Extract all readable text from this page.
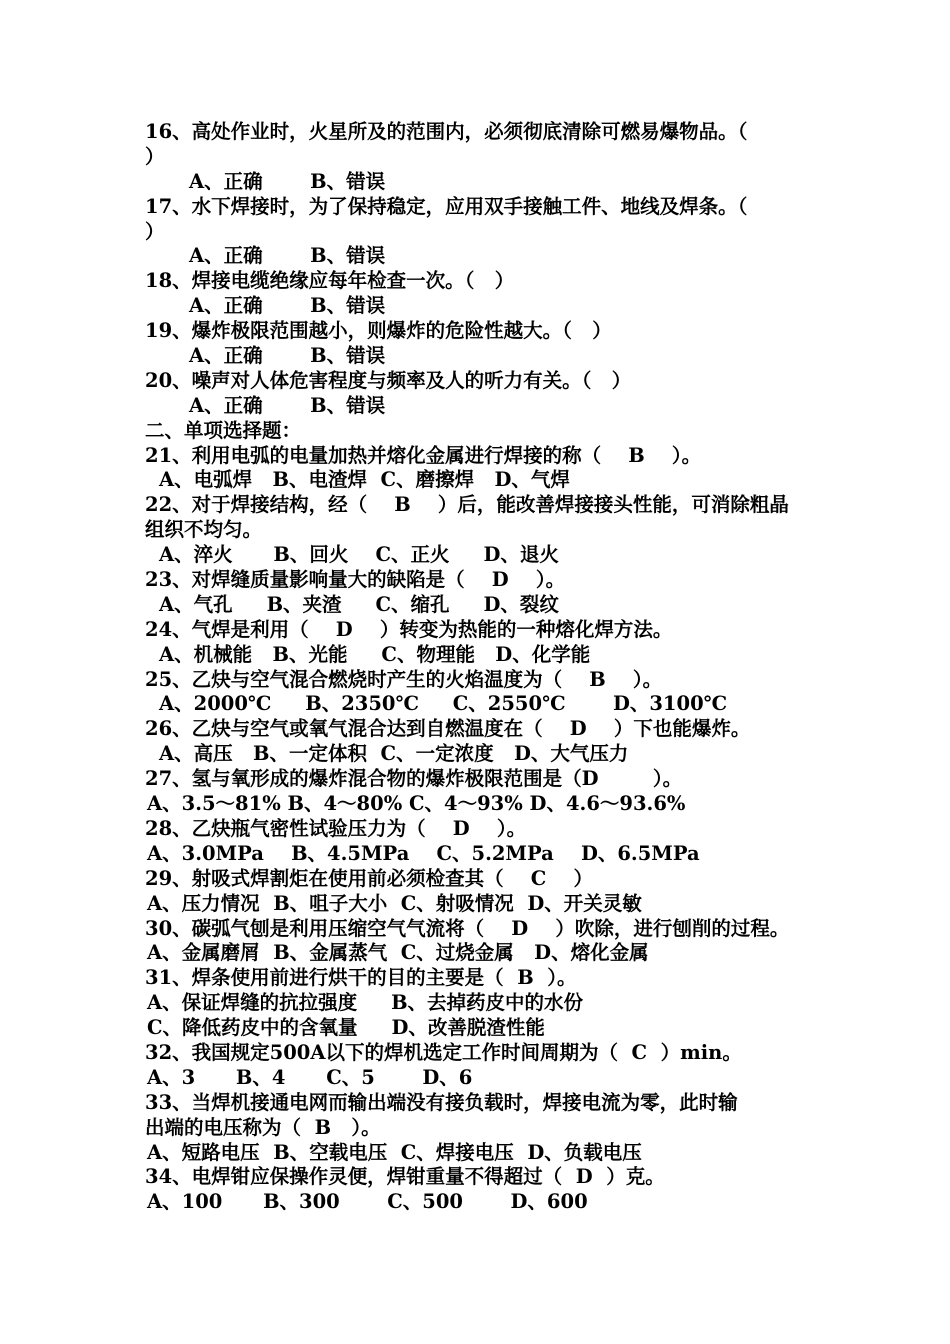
16、高处作业时，火星所及的范围内，必须彻底清除可燃易爆物品。（
）
A、正确       B、错误
17、水下焊接时，为了保持稳定，应用双手接触工件、地线及焊条。（
）
A、正确       B、错误
18、焊接电缆绝缘应每年检查一次。（   ）
A、正确       B、错误
19、爆炸极限范围越小，则爆炸的危险性越大。（   ）
A、正确       B、错误
20、噪声对人体危害程度与频率及人的听力有关。（   ）
A、正确       B、错误
二、单项选择题：
21、利用电弧的电量加热并熔化金属进行焊接的称（    B    ）。
A、电弧焊   B、电渣焊  C、磨擦焊   D、气焊
22、对于焊接结构，经（    B    ）后，能改善焊接接头性能，可消除粗晶
组织不均匀。
A、淬火      B、回火    C、正火     D、退火
23、对焊缝质量影响量大的缺陷是（    D    ）。
A、气孔     B、夹渣     C、缩孔     D、裂纹
24、气焊是利用（    D    ）转变为热能的一种熔化焊方法。
A、机械能   B、光能     C、物理能   D、化学能
25、乙炔与空气混合燃烧时产生的火焰温度为（    B    ）。
A、2000℃     B、2350℃     C、2550℃       D、3100℃
26、乙炔与空气或氧气混合达到自燃温度在（    D    ）下也能爆炸。
A、高压   B、一定体积  C、一定浓度   D、大气压力
27、氢与氧形成的爆炸混合物的爆炸极限范围是（D        ）。
A、3.5～81% B、4～80% C、4～93% D、4.6～93.6%
28、乙炔瓶气密性试验压力为（    D    ）。
A、3.0MPa    B、4.5MPa    C、5.2MPa    D、6.5MPa
29、射吸式焊割炬在使用前必须检查其（    C    ）
A、压力情况  B、咀子大小  C、射吸情况  D、开关灵敏
30、碳弧气刨是利用压缩空气气流将（    D    ）吹除，进行刨削的过程。
A、金属磨屑  B、金属蒸气  C、过烧金属   D、熔化金属
31、焊条使用前进行烘干的目的主要是（  B  ）。
A、保证焊缝的抗拉强度     B、去掉药皮中的水份
C、降低药皮中的含氧量     D、改善脱渣性能
32、我国规定500A以下的焊机选定工作时间周期为（  C  ）min。
A、3      B、4      C、5       D、6
33、当焊机接通电网而输出端没有接负载时，焊接电流为零，此时输
出端的电压称为（  B   ）。
A、短路电压  B、空载电压  C、焊接电压  D、负载电压
34、电焊钳应保操作灵便，焊钳重量不得超过（  D  ）克。
A、100      B、300       C、500       D、600
